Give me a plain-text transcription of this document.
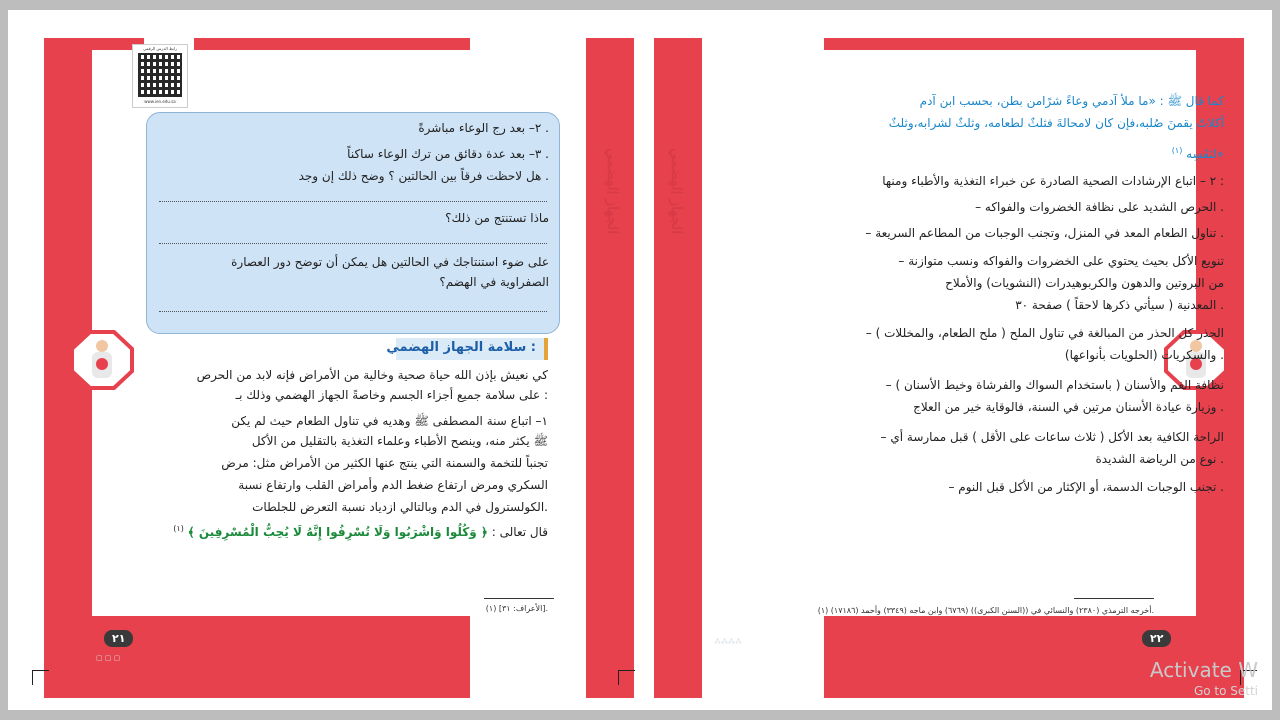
الجهاز الهضمي
رابط الدرس الرقمي
www.ien.edu.sa
٢– بعد رج الوعاء مباشرةً .
٣– بعد عدة دقائق من ترك الوعاء ساكناً .
هل لاحظت فرقاً بين الحالتين ؟ وضح ذلك إن وجد .
ماذا تستنتج من ذلك؟
على ضوء استنتاجك في الحالتين هل يمكن أن توضح دور العصارة
الصفراوية في الهضم؟
سلامة الجهاز الهضمي :
كي نعيش بإذن الله حياة صحية وخالية من الأمراض فإنه لابد من الحرص
على سلامة جميع أجزاء الجسم وخاصةً الجهاز الهضمي وذلك بـ :
١– اتباع سنة المصطفى ﷺ وهديه في تناول الطعام حيث لم يكن
ﷺ يكثر منه، وينصح الأطباء وعلماء التغذية بالتقليل من الأكل
تجنباً للتخمة والسمنة التي ينتج عنها الكثير من الأمراض مثل: مرض
السكري ومرض ارتفاع ضغط الدم وأمراض القلب وارتفاع نسبة
الكولسترول في الدم وبالتالي ازدياد نسبة التعرض للجلطات.
قال تعالى : ﴿ وَكُلُوا وَاشْرَبُوا وَلَا تُسْرِفُوا إِنَّهُ لَا يُحِبُّ الْمُسْرِفِينَ ﴾ $^{(١)}$
(١) [الأعراف: ٣١].
٢١
▢ ▢ ▢
الجهاز الهضمي
كما قال ﷺ : «ما ملأ آدمي وعاءً شرًامن بطن، بحسب ابن آدم
أكلاتٌ يقمنَ صُلبه،فإن كان لامحالةَ فثلثٌ لطعامه، وثلثٌ لشرابه،وثلثٌ
$^{(١)}$ لنَفَسِه»
٢ – اتباع الإرشادات الصحية الصادرة عن خبراء التغذية والأطباء ومنها :
– الحرص الشديد على نظافة الخضروات والفواكه .
– تناول الطعام المعد في المنزل، وتجنب الوجبات من المطاعم السريعة .
– تنويع الأكل بحيث يحتوي على الخضروات والفواكه ونسب متوازنة
من البروتين والدهون والكربوهيدرات (النشويات) والأملاح
المعدنية ( سيأتي ذكرها لاحقاً ) صفحة ٣٠ .
– الحذر كل الحذر من المبالغة في تناول الملح ( ملح الطعام، والمخللات )
والسكريات (الحلويات بأنواعها) .
– نظافة الفم والأسنان ( باستخدام السواك والفرشاة وخيط الأسنان )
وزيارة عيادة الأسنان مرتين في السنة، فالوقاية خير من العلاج .
– الراحة الكافية بعد الأكل ( ثلاث ساعات على الأقل ) قبل ممارسة أي
نوع من الرياضة الشديدة .
– تجنب الوجبات الدسمة، أو الإكثار من الأكل قبل النوم .
(١) أخرجه الترمذي (٢٣٨٠) والنسائي في ((السنن الكبرى)) (٦٧٦٩) وابن ماجه (٣٣٤٩) وأحمد (١٧١٨٦).
٢٢
⁂⁂⁂⁂
Activate W
Go to Setti
